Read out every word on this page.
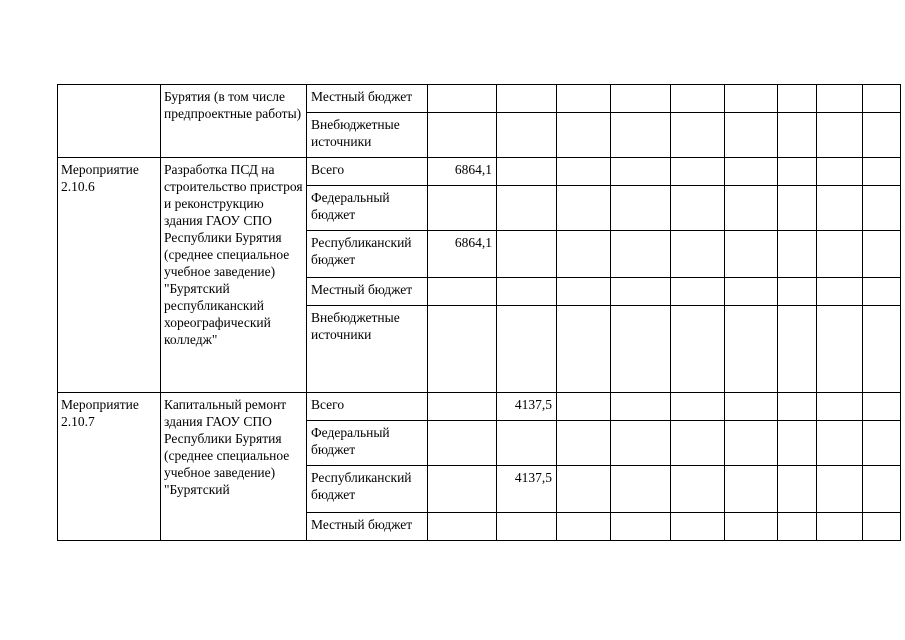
	Бурятия (в том числе предпроектные работы)	Местный бюджет									
		Внебюджетные источники									
Мероприятие 2.10.6	Разработка ПСД на строительство пристроя и реконструкцию здания ГАОУ СПО Республики Бурятия (среднее специальное учебное заведение) "Бурятский республиканский хореографический колледж"	Всего	6864,1								
		Федеральный бюджет									
		Республиканский бюджет	6864,1								
		Местный бюджет									
		Внебюджетные источники									
Мероприятие 2.10.7	Капитальный ремонт здания ГАОУ СПО Республики Бурятия (среднее специальное учебное заведение) "Бурятский	Всего		4137,5							
		Федеральный бюджет									
		Республиканский бюджет		4137,5							
		Местный бюджет									
